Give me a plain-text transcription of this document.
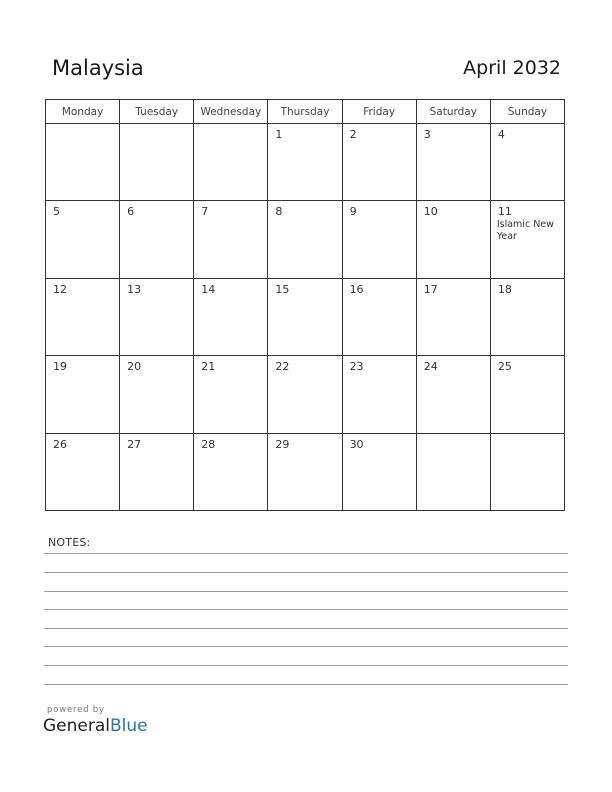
Malaysia	April 2032
Monday	Tuesday	Wednesday	Thursday	Friday	Saturday	Sunday

			1	2	3	4

5	6	7	8	9	10	11
Islamic New Year

12	13	14	15	16	17	18

19	20	21	22	23	24	25

26	27	28	29	30		

NOTES:
powered by
GeneralBlue
